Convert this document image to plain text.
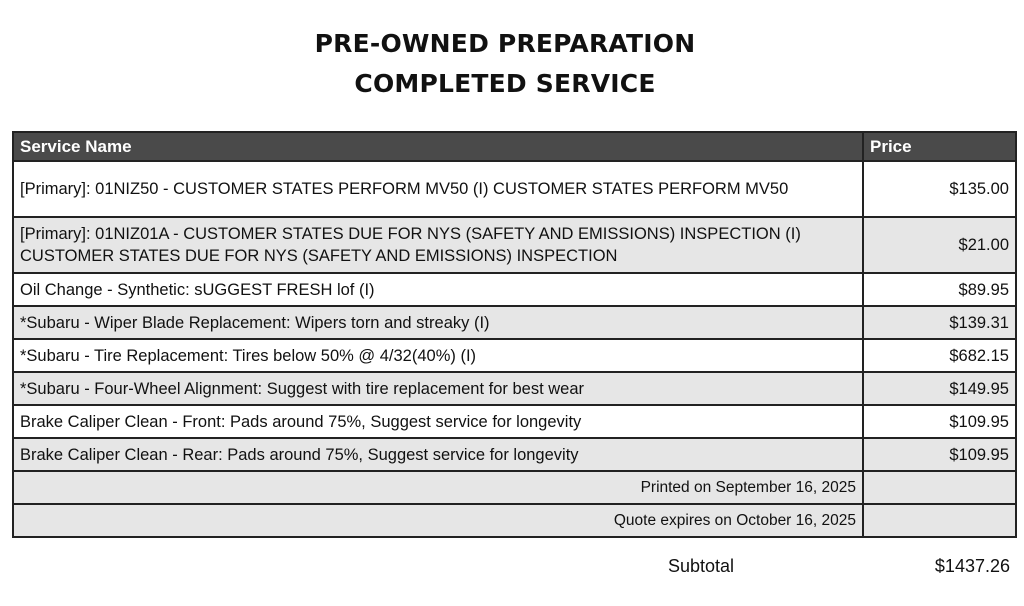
PRE-OWNED PREPARATION
COMPLETED SERVICE
Service Name	Price
[Primary]: 01NIZ50 - CUSTOMER STATES PERFORM MV50 (I) CUSTOMER STATES PERFORM MV50	$135.00
[Primary]: 01NIZ01A - CUSTOMER STATES DUE FOR NYS (SAFETY AND EMISSIONS) INSPECTION (I) CUSTOMER STATES DUE FOR NYS (SAFETY AND EMISSIONS) INSPECTION	$21.00
Oil Change - Synthetic: sUGGEST FRESH lof (I)	$89.95
*Subaru - Wiper Blade Replacement: Wipers torn and streaky (I)	$139.31
*Subaru - Tire Replacement: Tires below 50% @ 4/32(40%) (I)	$682.15
*Subaru - Four-Wheel Alignment: Suggest with tire replacement for best wear	$149.95
Brake Caliper Clean - Front: Pads around 75%, Suggest service for longevity	$109.95
Brake Caliper Clean - Rear: Pads around 75%, Suggest service for longevity	$109.95
Printed on September 16, 2025	
Quote expires on October 16, 2025	
Subtotal	$1437.26
